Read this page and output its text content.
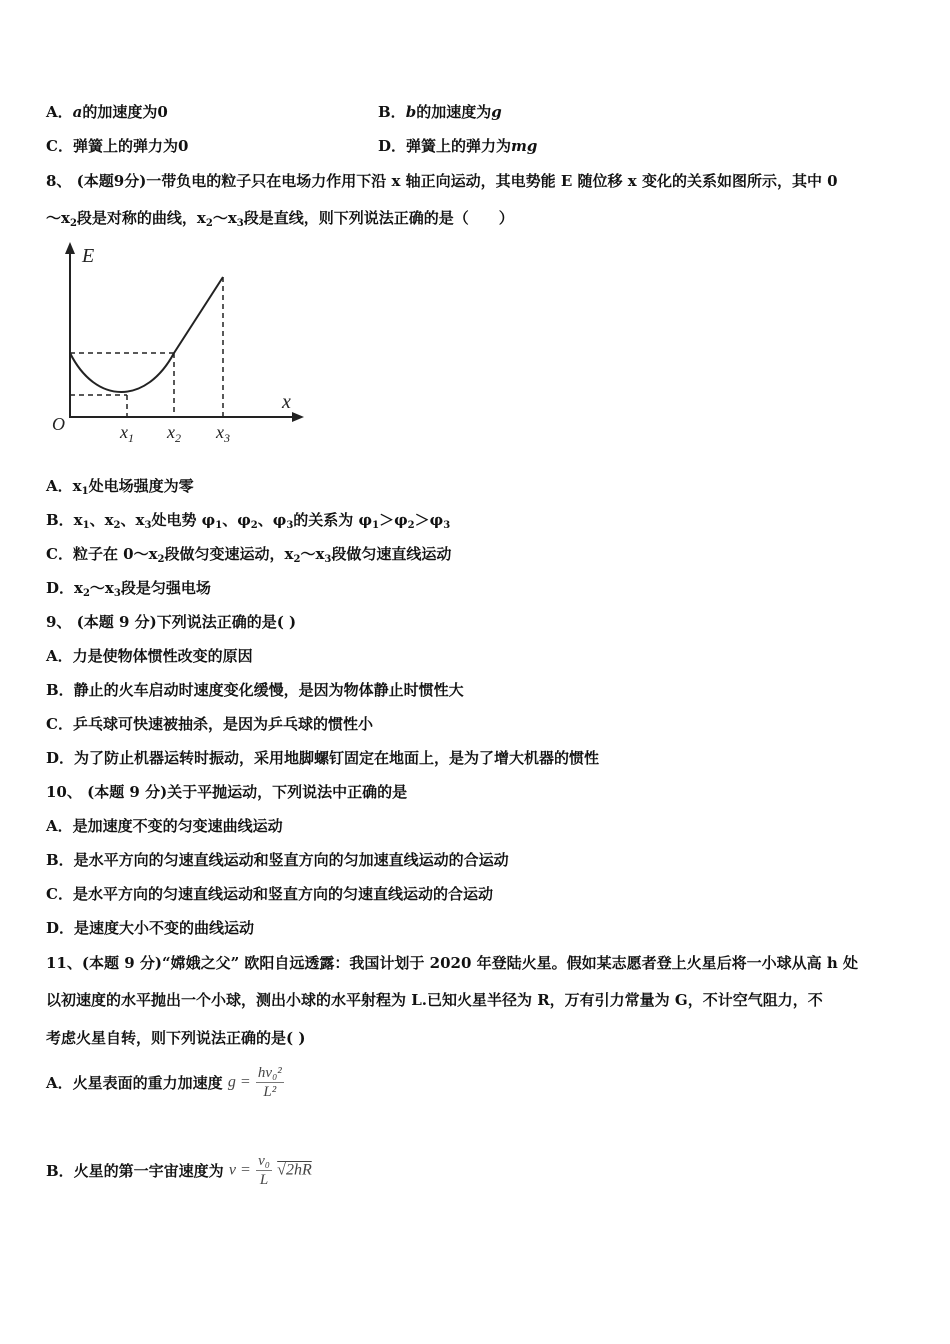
A．a的加速度为0	B．b的加速度为g
C．弹簧上的弹力为0	D．弹簧上的弹力为mg
8、 (本题9分)一带负电的粒子只在电场力作用下沿 x 轴正向运动，其电势能 E 随位移 x 变化的关系如图所示，其中 0
$\sim x_2$段是对称的曲线，$x_2\sim x_3$段是直线，则下列说法正确的是（　　）
E
x
O	$x_1$ $x_2$ $x_3$
A．$x_1$处电场强度为零
B．$x_1$、$x_2$、$x_3$处电势 $\varphi_1$、$\varphi_2$、$\varphi_3$的关系为 $\varphi_1>\varphi_2>\varphi_3$
C．粒子在 $0\sim x_2$段做匀变速运动，$x_2\sim x_3$段做匀速直线运动
D．$x_2\sim x_3$段是匀强电场
9、 (本题 9 分)下列说法正确的是( )
A．力是使物体惯性改变的原因
B．静止的火车启动时速度变化缓慢，是因为物体静止时惯性大
C．乒乓球可快速被抽杀，是因为乒乓球的惯性小
D．为了防止机器运转时振动，采用地脚螺钉固定在地面上，是为了增大机器的惯性
10、 (本题 9 分)关于平抛运动，下列说法中正确的是
A．是加速度不变的匀变速曲线运动
B．是水平方向的匀速直线运动和竖直方向的匀加速直线运动的合运动
C．是水平方向的匀速直线运动和竖直方向的匀速直线运动的合运动
D．是速度大小不变的曲线运动
11、(本题 9 分)“嫦娥之父” 欧阳自远透露：我国计划于 2020 年登陆火星。假如某志愿者登上火星后将一小球从高 h 处
以初速度的水平抛出一个小球，测出小球的水平射程为 L.已知火星半径为 R，万有引力常量为 G，不计空气阻力，不
考虑火星自转，则下列说法正确的是( )
A．火星表面的重力加速度 $g = \frac{\text{hv₀²}}{\text{L²}}$
B．火星的第一宇宙速度为 $v = \frac{\text{v₀}}{L} √2hR$
